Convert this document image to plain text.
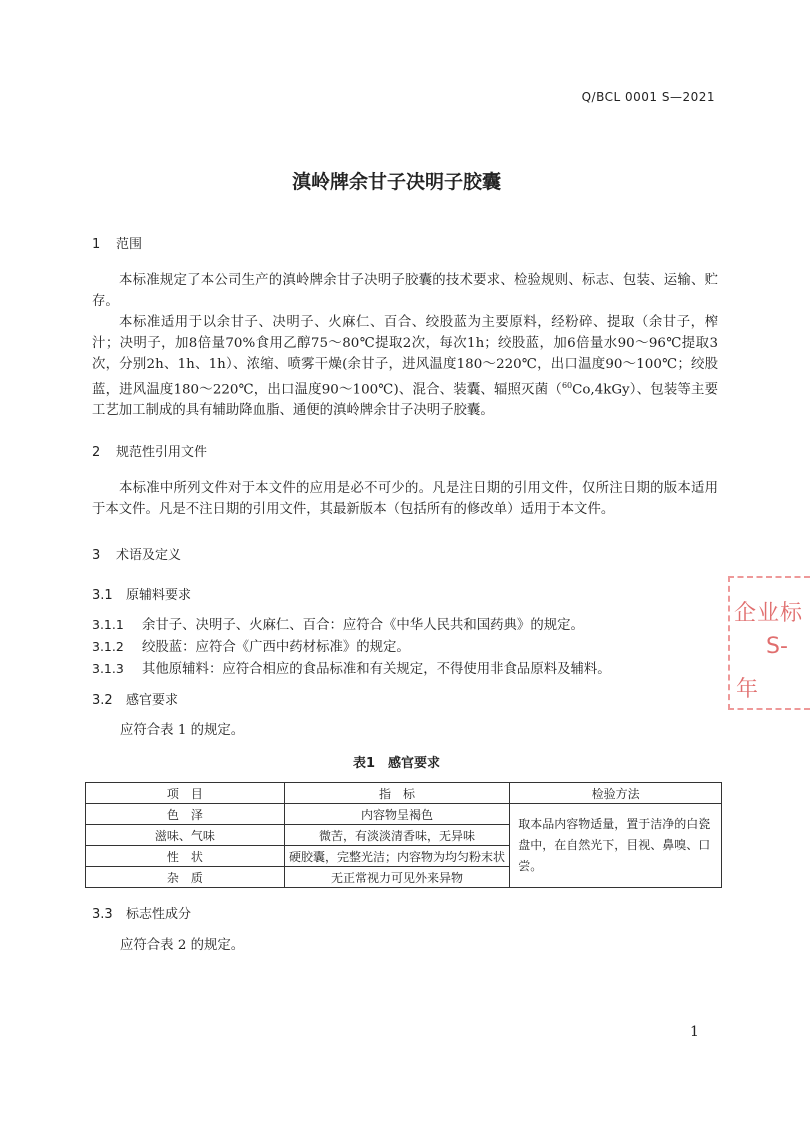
Q/BCL 0001 S—2021
滇岭牌余甘子决明子胶囊
1 范围
本标准规定了本公司生产的滇岭牌余甘子决明子胶囊的技术要求、检验规则、标志、包装、运输、贮存。
本标准适用于以余甘子、决明子、火麻仁、百合、绞股蓝为主要原料，经粉碎、提取（余甘子，榨汁；决明子，加8倍量70%食用乙醇75～80℃提取2次，每次1h；绞股蓝，加6倍量水90～96℃提取3次，分别2h、1h、1h）、浓缩、喷雾干燥(余甘子，进风温度180～220℃，出口温度90～100℃；绞股蓝，进风温度180～220℃，出口温度90～100℃)、混合、装囊、辐照灭菌（$^{60}$Co,4kGy）、包装等主要工艺加工制成的具有辅助降血脂、通便的滇岭牌余甘子决明子胶囊。
2 规范性引用文件
本标准中所列文件对于本文件的应用是必不可少的。凡是注日期的引用文件，仅所注日期的版本适用于本文件。凡是不注日期的引用文件，其最新版本（包括所有的修改单）适用于本文件。
3 术语及定义
3.1 原辅料要求
3.1.1 余甘子、决明子、火麻仁、百合：应符合《中华人民共和国药典》的规定。
3.1.2 绞股蓝：应符合《广西中药材标准》的规定。
3.1.3 其他原辅料：应符合相应的食品标准和有关规定，不得使用非食品原料及辅料。
3.2 感官要求
应符合表 1 的规定。
表1　感官要求
项　目	指　标	检验方法
色　泽	内容物呈褐色	取本品内容物适量，置于洁净的白瓷盘中，在自然光下，目视、鼻嗅、口尝。
滋味、气味	微苦，有淡淡清香味，无异味	
性　状	硬胶囊，完整光洁；内容物为均匀粉末状	
杂　质	无正常视力可见外来异物	
3.3 标志性成分
应符合表 2 的规定。
1
企业标
S-
年
